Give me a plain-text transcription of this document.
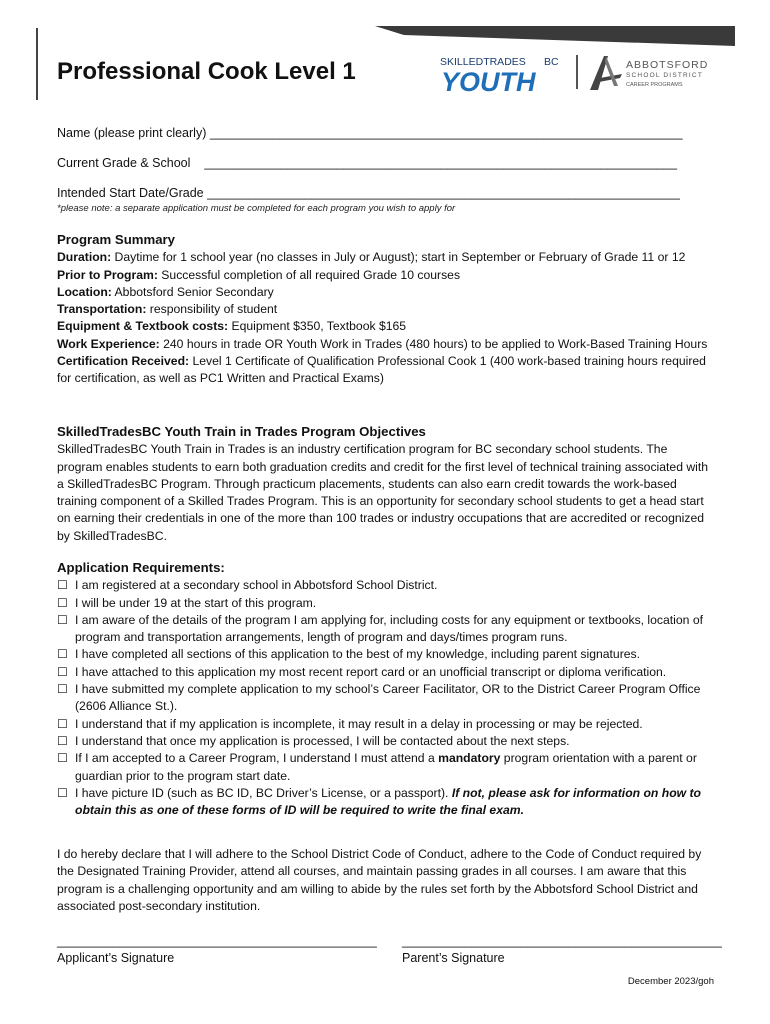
Professional Cook Level 1	SKILLEDTRADES BC
YOUTH
ABBOTSFORD
SCHOOL DISTRICT
CAREER PROGRAMS
Name (please print clearly) ____________________________________________________________________
Current Grade & School ____________________________________________________________________
Intended Start Date/Grade ____________________________________________________________________
*please note: a separate application must be completed for each program you wish to apply for
Program Summary
Duration: Daytime for 1 school year (no classes in July or August); start in September or February of Grade 11 or 12
Prior to Program: Successful completion of all required Grade 10 courses
Location: Abbotsford Senior Secondary
Transportation: responsibility of student
Equipment & Textbook costs: Equipment $350, Textbook $165
Work Experience: 240 hours in trade OR Youth Work in Trades (480 hours) to be applied to Work-Based Training Hours
Certification Received: Level 1 Certificate of Qualification Professional Cook 1 (400 work-based training hours required for certification, as well as PC1 Written and Practical Exams)
SkilledTradesBC Youth Train in Trades Program Objectives
SkilledTradesBC Youth Train in Trades is an industry certification program for BC secondary school students. The program enables students to earn both graduation credits and credit for the first level of technical training associated with a SkilledTradesBC Program. Through practicum placements, students can also earn credit towards the work-based training component of a Skilled Trades Program. This is an opportunity for secondary school students to get a head start on earning their credentials in one of the more than 100 trades or industry occupations that are accredited or recognized by SkilledTradesBC.
Application Requirements:
☐ I am registered at a secondary school in Abbotsford School District.
☐ I will be under 19 at the start of this program.
☐ I am aware of the details of the program I am applying for, including costs for any equipment or textbooks, location of program and transportation arrangements, length of program and days/times program runs.
☐ I have completed all sections of this application to the best of my knowledge, including parent signatures.
☐ I have attached to this application my most recent report card or an unofficial transcript or diploma verification.
☐ I have submitted my complete application to my school’s Career Facilitator, OR to the District Career Program Office (2606 Alliance St.).
☐ I understand that if my application is incomplete, it may result in a delay in processing or may be rejected.
☐ I understand that once my application is processed, I will be contacted about the next steps.
☐ If I am accepted to a Career Program, I understand I must attend a mandatory program orientation with a parent or guardian prior to the program start date.
☐ I have picture ID (such as BC ID, BC Driver’s License, or a passport). If not, please ask for information on how to obtain this as one of these forms of ID will be required to write the final exam.
I do hereby declare that I will adhere to the School District Code of Conduct, adhere to the Code of Conduct required by the Designated Training Provider, attend all courses, and maintain passing grades in all courses. I am aware that this program is a challenging opportunity and am willing to abide by the rules set forth by the Abbotsford School District and associated post-secondary institution.
______________________________________________
Applicant’s Signature
______________________________________________
Parent’s Signature
December 2023/goh
